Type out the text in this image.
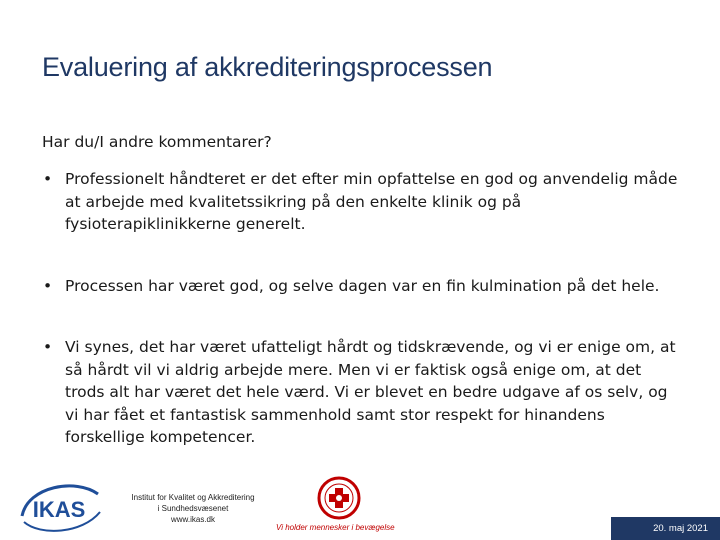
Evaluering af akkrediteringsprocessen
Har du/I andre kommentarer?
• Professionelt håndteret er det efter min opfattelse en god og anvendelig måde at arbejde med kvalitetssikring på den enkelte klinik og på fysioterapiklinikkerne generelt.
• Processen har været god, og selve dagen var en fin kulmination på det hele.
• Vi synes, det har været ufatteligt hårdt og tidskrævende, og vi er enige om, at så hårdt vil vi aldrig arbejde mere. Men vi er faktisk også enige om, at det trods alt har været det hele værd. Vi er blevet en bedre udgave af os selv, og vi har fået et fantastisk sammenhold samt stor respekt for hinandens forskellige kompetencer.
IKAS	Institut for Kvalitet og Akkreditering
i Sundhedsvæsenet
www.ikas.dk
Vi holder mennesker i bevægelse	20. maj 2021
